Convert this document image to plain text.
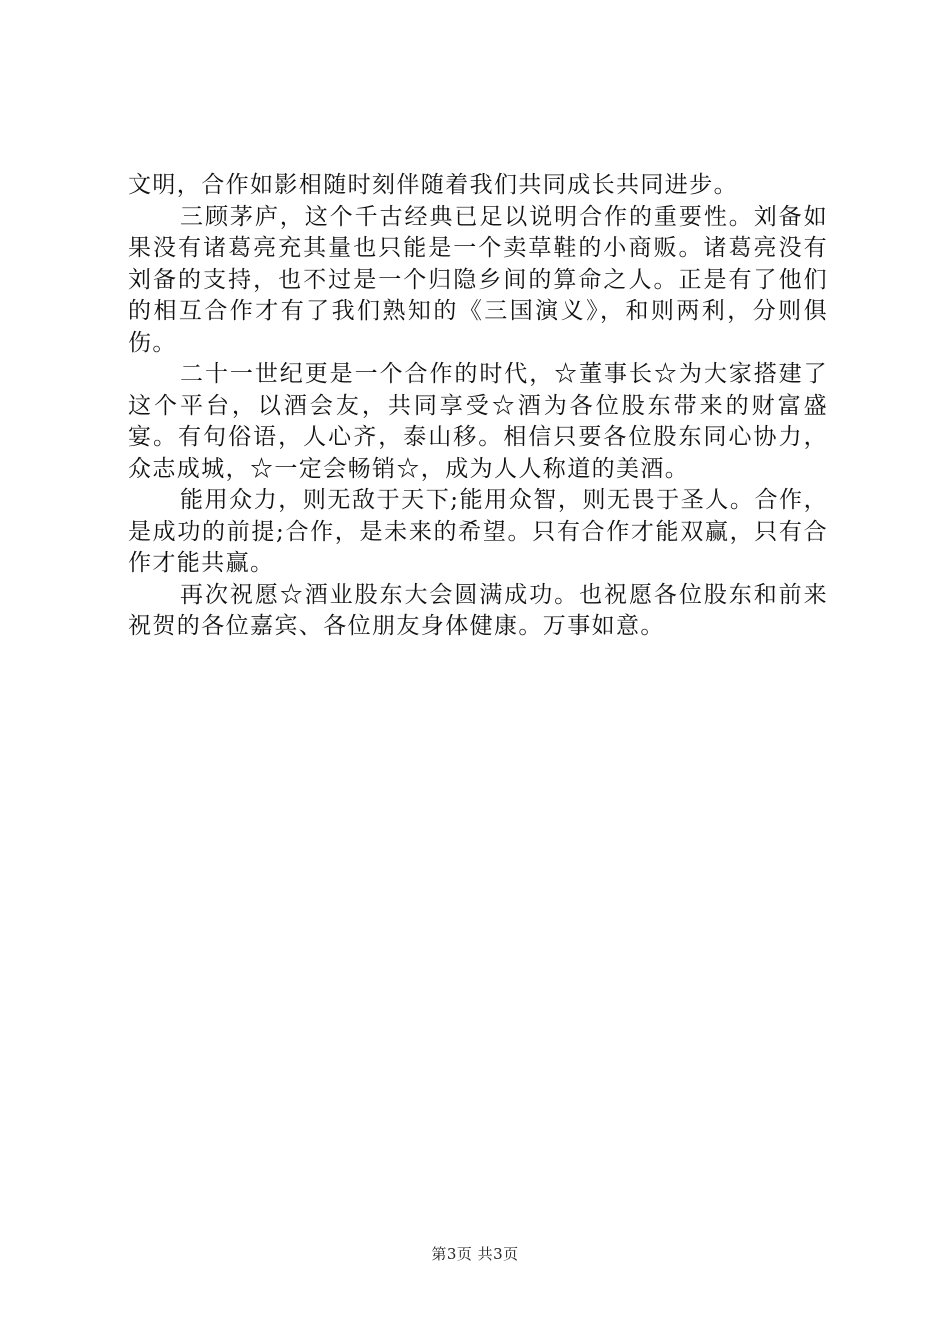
文明，合作如影相随时刻伴随着我们共同成长共同进步。

三顾茅庐，这个千古经典已足以说明合作的重要性。刘备如果没有诸葛亮充其量也只能是一个卖草鞋的小商贩。诸葛亮没有刘备的支持，也不过是一个归隐乡间的算命之人。正是有了他们的相互合作才有了我们熟知的《三国演义》，和则两利，分则俱伤。

二十一世纪更是一个合作的时代，☆董事长☆为大家搭建了这个平台，以酒会友，共同享受☆酒为各位股东带来的财富盛宴。有句俗语，人心齐，泰山移。相信只要各位股东同心协力，众志成城，☆一定会畅销☆，成为人人称道的美酒。

能用众力，则无敌于天下;能用众智，则无畏于圣人。合作，是成功的前提;合作，是未来的希望。只有合作才能双赢，只有合作才能共赢。

再次祝愿☆酒业股东大会圆满成功。也祝愿各位股东和前来祝贺的各位嘉宾、各位朋友身体健康。万事如意。

第3页 共3页
